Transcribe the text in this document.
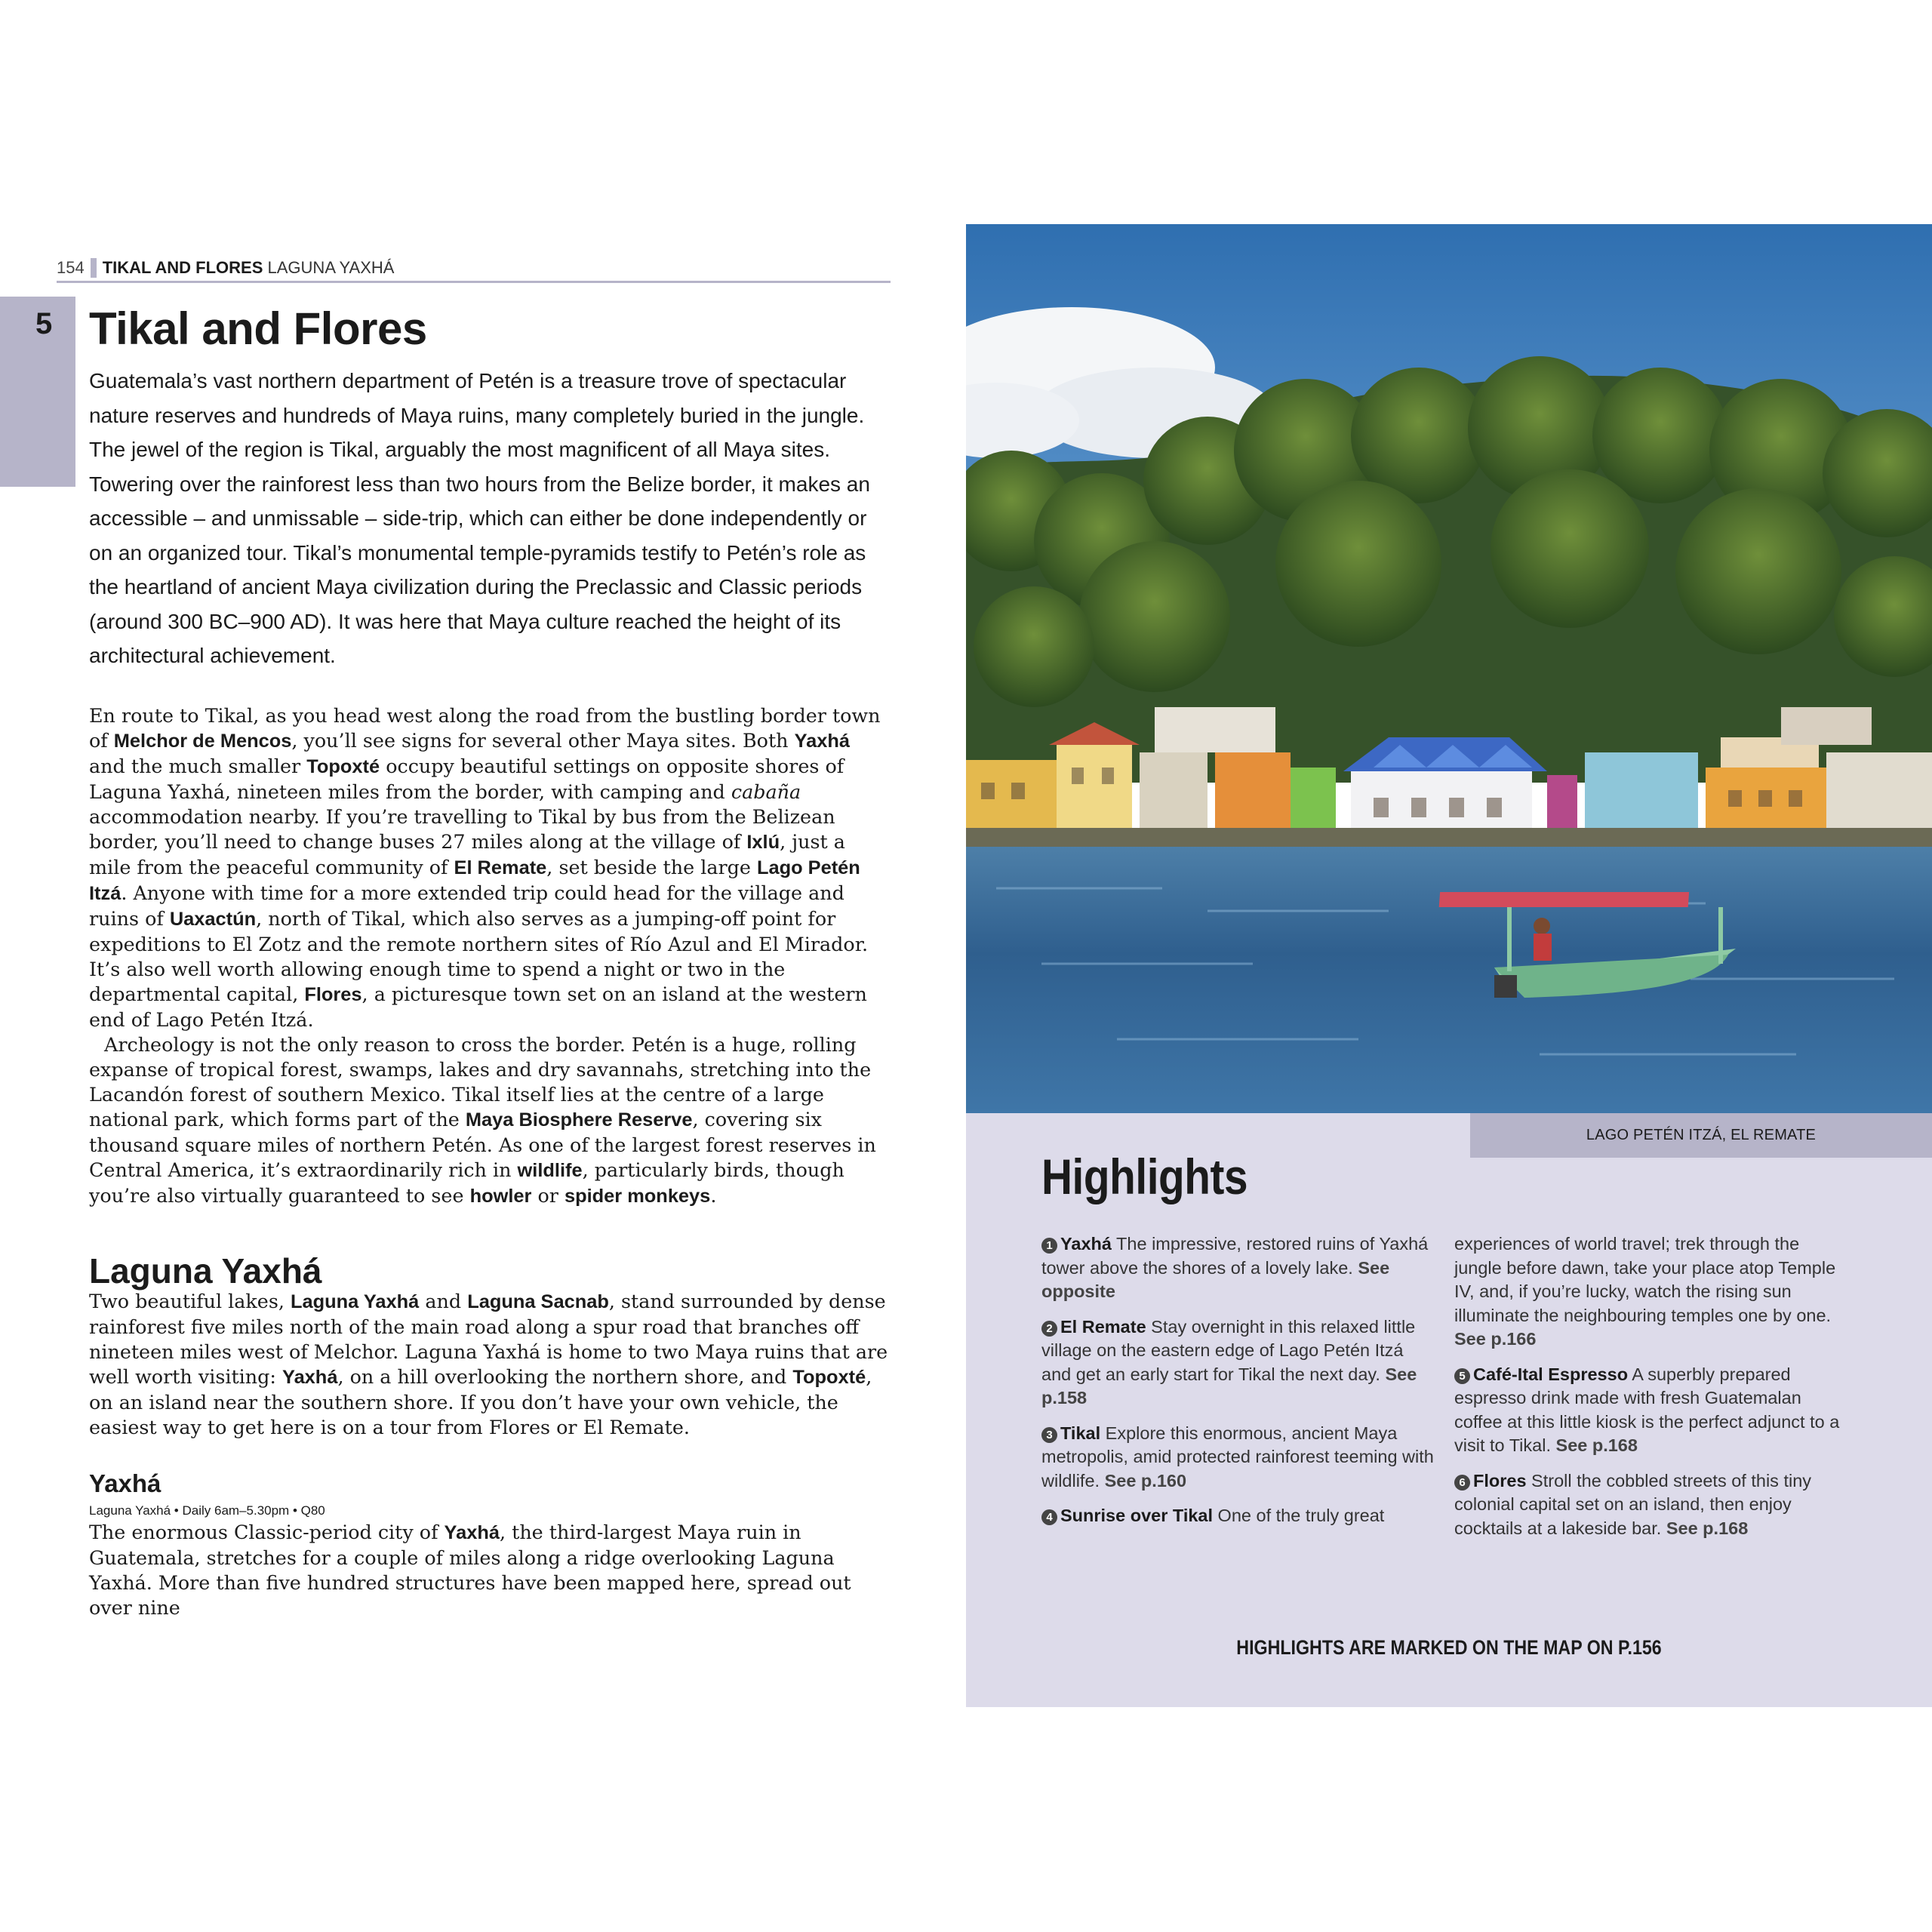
154 TIKAL AND FLORES LAGUNA YAXHÁ
5 Tikal and Flores

Guatemala’s vast northern department of Petén is a treasure trove of spectacular nature reserves and hundreds of Maya ruins, many completely buried in the jungle. The jewel of the region is Tikal, arguably the most magnificent of all Maya sites. Towering over the rainforest less than two hours from the Belize border, it makes an accessible – and unmissable – side-trip, which can either be done independently or on an organized tour. Tikal’s monumental temple-pyramids testify to Petén’s role as the heartland of ancient Maya civilization during the Preclassic and Classic periods (around 300 BC–900 AD). It was here that Maya culture reached the height of its architectural achievement.

En route to Tikal, as you head west along the road from the bustling border town of Melchor de Mencos, you’ll see signs for several other Maya sites. Both Yaxhá and the much smaller Topoxté occupy beautiful settings on opposite shores of Laguna Yaxhá, nineteen miles from the border, with camping and cabaña accommodation nearby. If you’re travelling to Tikal by bus from the Belizean border, you’ll need to change buses 27 miles along at the village of Ixlú, just a mile from the peaceful community of El Remate, set beside the large Lago Petén Itzá. Anyone with time for a more extended trip could head for the village and ruins of Uaxactún, north of Tikal, which also serves as a jumping-off point for expeditions to El Zotz and the remote northern sites of Río Azul and El Mirador. It’s also well worth allowing enough time to spend a night or two in the departmental capital, Flores, a picturesque town set on an island at the western end of Lago Petén Itzá.

Archeology is not the only reason to cross the border. Petén is a huge, rolling expanse of tropical forest, swamps, lakes and dry savannahs, stretching into the Lacandón forest of southern Mexico. Tikal itself lies at the centre of a large national park, which forms part of the Maya Biosphere Reserve, covering six thousand square miles of northern Petén. As one of the largest forest reserves in Central America, it’s extraordinarily rich in wildlife, particularly birds, though you’re also virtually guaranteed to see howler or spider monkeys.

Laguna Yaxhá

Two beautiful lakes, Laguna Yaxhá and Laguna Sacnab, stand surrounded by dense rainforest five miles north of the main road along a spur road that branches off nineteen miles west of Melchor. Laguna Yaxhá is home to two Maya ruins that are well worth visiting: Yaxhá, on a hill overlooking the northern shore, and Topoxté, on an island near the southern shore. If you don’t have your own vehicle, the easiest way to get here is on a tour from Flores or El Remate.

Yaxhá

Laguna Yaxhá • Daily 6am–5.30pm • Q80

The enormous Classic-period city of Yaxhá, the third-largest Maya ruin in Guatemala, stretches for a couple of miles along a ridge overlooking Laguna Yaxhá. More than five hundred structures have been mapped here, spread out over nine

LAGO PETÉN ITZÁ, EL REMATE
Highlights

1 Yaxhá The impressive, restored ruins of Yaxhá tower above the shores of a lovely lake. See opposite

2 El Remate Stay overnight in this relaxed little village on the eastern edge of Lago Petén Itzá and get an early start for Tikal the next day. See p.158

3 Tikal Explore this enormous, ancient Maya metropolis, amid protected rainforest teeming with wildlife. See p.160

4 Sunrise over Tikal One of the truly great

experiences of world travel; trek through the jungle before dawn, take your place atop Temple IV, and, if you’re lucky, watch the rising sun illuminate the neighbouring temples one by one. See p.166

5 Café-Ital Espresso A superbly prepared espresso drink made with fresh Guatemalan coffee at this little kiosk is the perfect adjunct to a visit to Tikal. See p.168

6 Flores Stroll the cobbled streets of this tiny colonial capital set on an island, then enjoy cocktails at a lakeside bar. See p.168

HIGHLIGHTS ARE MARKED ON THE MAP ON P.156
